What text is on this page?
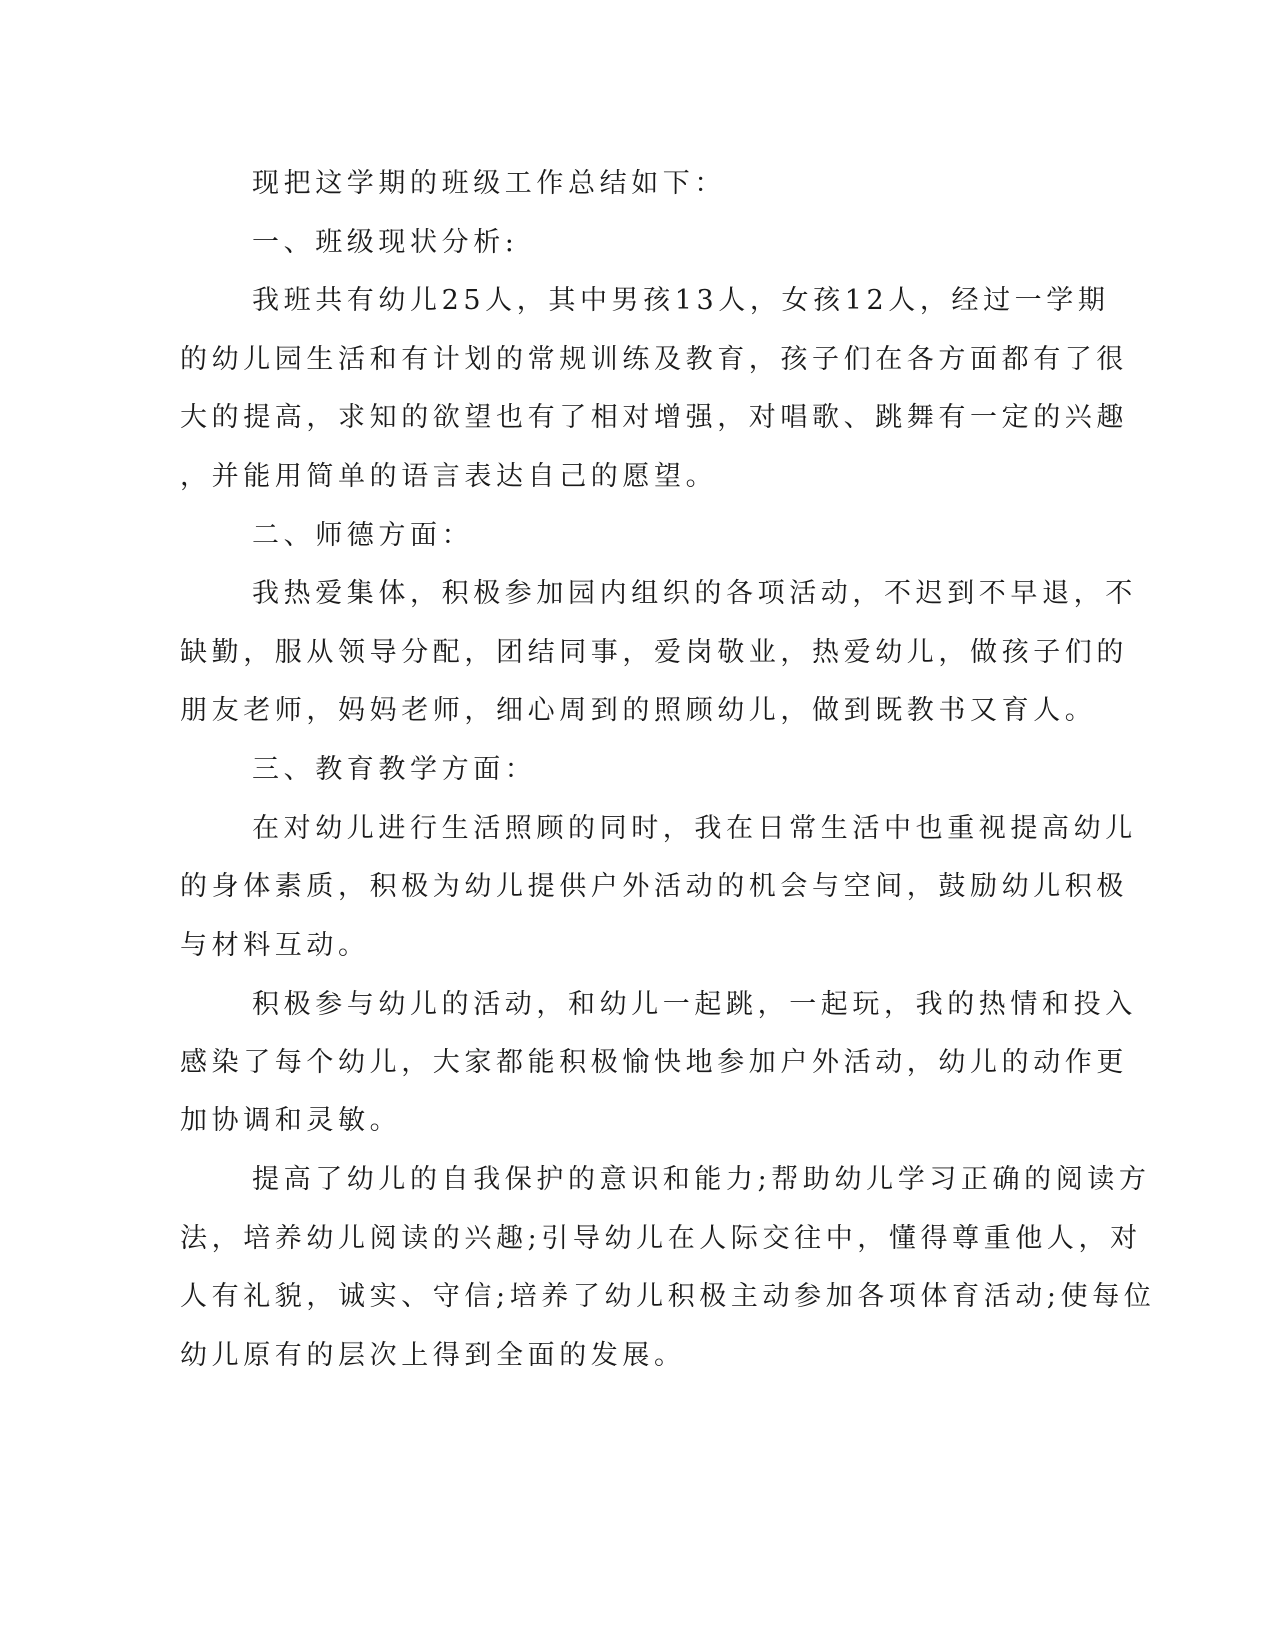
现把这学期的班级工作总结如下：
一、班级现状分析:
我班共有幼儿25人，其中男孩13人，女孩12人，经过一学期
的幼儿园生活和有计划的常规训练及教育，孩子们在各方面都有了很
大的提高，求知的欲望也有了相对增强，对唱歌、跳舞有一定的兴趣
，并能用简单的语言表达自己的愿望。
二、师德方面：
我热爱集体，积极参加园内组织的各项活动，不迟到不早退，不
缺勤，服从领导分配，团结同事，爱岗敬业，热爱幼儿，做孩子们的
朋友老师，妈妈老师，细心周到的照顾幼儿，做到既教书又育人。
三、教育教学方面：
在对幼儿进行生活照顾的同时，我在日常生活中也重视提高幼儿
的身体素质，积极为幼儿提供户外活动的机会与空间，鼓励幼儿积极
与材料互动。
积极参与幼儿的活动，和幼儿一起跳，一起玩，我的热情和投入
感染了每个幼儿，大家都能积极愉快地参加户外活动，幼儿的动作更
加协调和灵敏。
提高了幼儿的自我保护的意识和能力;帮助幼儿学习正确的阅读方
法，培养幼儿阅读的兴趣;引导幼儿在人际交往中，懂得尊重他人，对
人有礼貌，诚实、守信;培养了幼儿积极主动参加各项体育活动;使每位
幼儿原有的层次上得到全面的发展。
